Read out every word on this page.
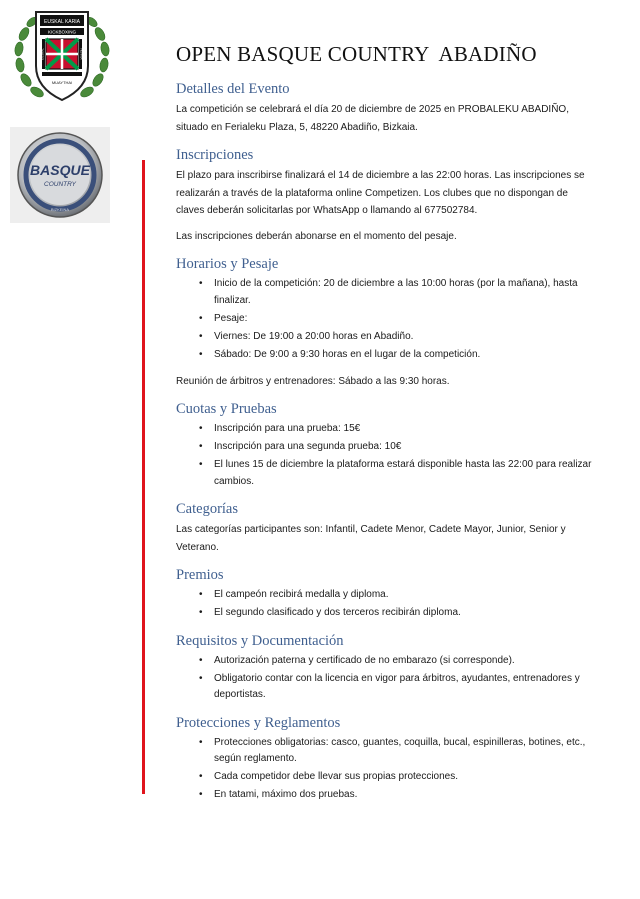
EUSKAL KARIA
KICKBOXING
MUAYTHAI
EUSKAL	HERRIA
BASQUE
COUNTRY
BIZKEINA
OPEN BASQUE COUNTRY  ABADIÑO
Detalles del Evento

La competición se celebrará el día 20 de diciembre de 2025 en PROBALEKU ABADIÑO, situado en Ferialeku Plaza, 5, 48220 Abadiño, Bizkaia.

Inscripciones

El plazo para inscribirse finalizará el 14 de diciembre a las 22:00 horas. Las inscripciones se realizarán a través de la plataforma online Competizen. Los clubes que no dispongan de claves deberán solicitarlas por WhatsApp o llamando al 677502784.

Las inscripciones deberán abonarse en el momento del pesaje.

Horarios y Pesaje
• Inicio de la competición: 20 de diciembre a las 10:00 horas (por la mañana), hasta finalizar.
• Pesaje:
• Viernes: De 19:00 a 20:00 horas en Abadiño.
• Sábado: De 9:00 a 9:30 horas en el lugar de la competición.

Reunión de árbitros y entrenadores: Sábado a las 9:30 horas.

Cuotas y Pruebas
• Inscripción para una prueba: 15€
• Inscripción para una segunda prueba: 10€
• El lunes 15 de diciembre la plataforma estará disponible hasta las 22:00 para realizar cambios.
Categorías

Las categorías participantes son: Infantil, Cadete Menor, Cadete Mayor, Junior, Senior y Veterano.

Premios
• El campeón recibirá medalla y diploma.
• El segundo clasificado y dos terceros recibirán diploma.
Requisitos y Documentación
• Autorización paterna y certificado de no embarazo (si corresponde).
• Obligatorio contar con la licencia en vigor para árbitros, ayudantes, entrenadores y deportistas.
Protecciones y Reglamentos
• Protecciones obligatorias: casco, guantes, coquilla, bucal, espinilleras, botines, etc., según reglamento.
• Cada competidor debe llevar sus propias protecciones.
• En tatami, máximo dos pruebas.
